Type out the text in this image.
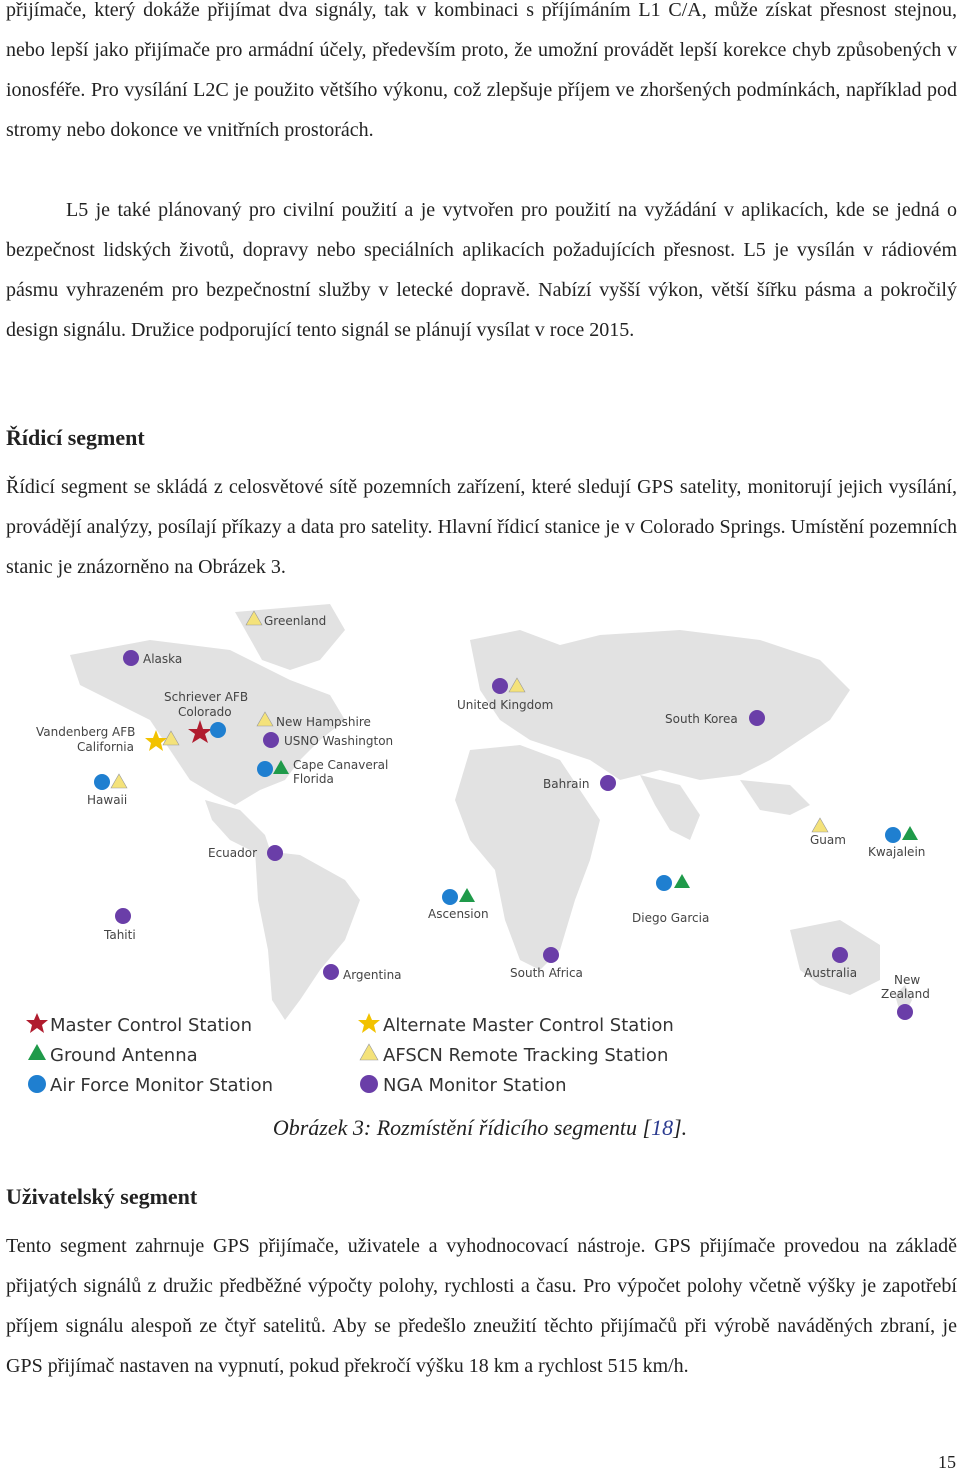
přijímače, který dokáže přijímat dva signály, tak v kombinaci s příjímáním L1 C/A, může získat přesnost stejnou, nebo lepší jako přijímače pro armádní účely, především proto, že umožní provádět lepší korekce chyb způsobených v ionosféře. Pro vysílání L2C je použito většího výkonu, což zlepšuje příjem ve zhoršených podmínkách, například pod stromy nebo dokonce ve vnitřních prostorách.

L5 je také plánovaný pro civilní použití a je vytvořen pro použití na vyžádání v aplikacích, kde se jedná o bezpečnost lidských životů, dopravy nebo speciálních aplikacích požadujících přesnost. L5 je vysílán v rádiovém pásmu vyhrazeném pro bezpečnostní služby v letecké dopravě. Nabízí vyšší výkon, větší šířku pásma a pokročilý design signálu. Družice podporující tento signál se plánují vysílat v roce 2015.

Řídicí segment

Řídicí segment se skládá z celosvětové sítě pozemních zařízení, které sledují GPS satelity, monitorují jejich vysílání, provádějí analýzy, posílají příkazy a data pro satelity. Hlavní řídicí stanice je v Colorado Springs. Umístění pozemních stanic je znázorněno na Obrázek 3.

Greenland
Alaska
Schriever AFB
Colorado
Vandenberg AFB
California
New Hampshire
USNO Washington
Cape Canaveral
Florida
Hawaii
Ecuador
Tahiti
Argentina
Ascension
South Africa
United Kingdom
Bahrain
South Korea
Guam
Kwajalein
Diego Garcia
Australia	New
Zealand
Master Control Station	Alternate Master Control Station
Ground Antenna	AFSCN Remote Tracking Station
Air Force Monitor Station	NGA Monitor Station
Obrázek 3: Rozmístění řídicího segmentu [18].
Uživatelský segment

Tento segment zahrnuje GPS přijímače, uživatele a vyhodnocovací nástroje. GPS přijímače provedou na základě přijatých signálů z družic předběžné výpočty polohy, rychlosti a času. Pro výpočet polohy včetně výšky je zapotřebí příjem signálu alespoň ze čtyř satelitů. Aby se předešlo zneužití těchto přijímačů při výrobě naváděných zbraní, je GPS přijímač nastaven na vypnutí, pokud překročí výšku 18 km a rychlost 515 km/h.

15
